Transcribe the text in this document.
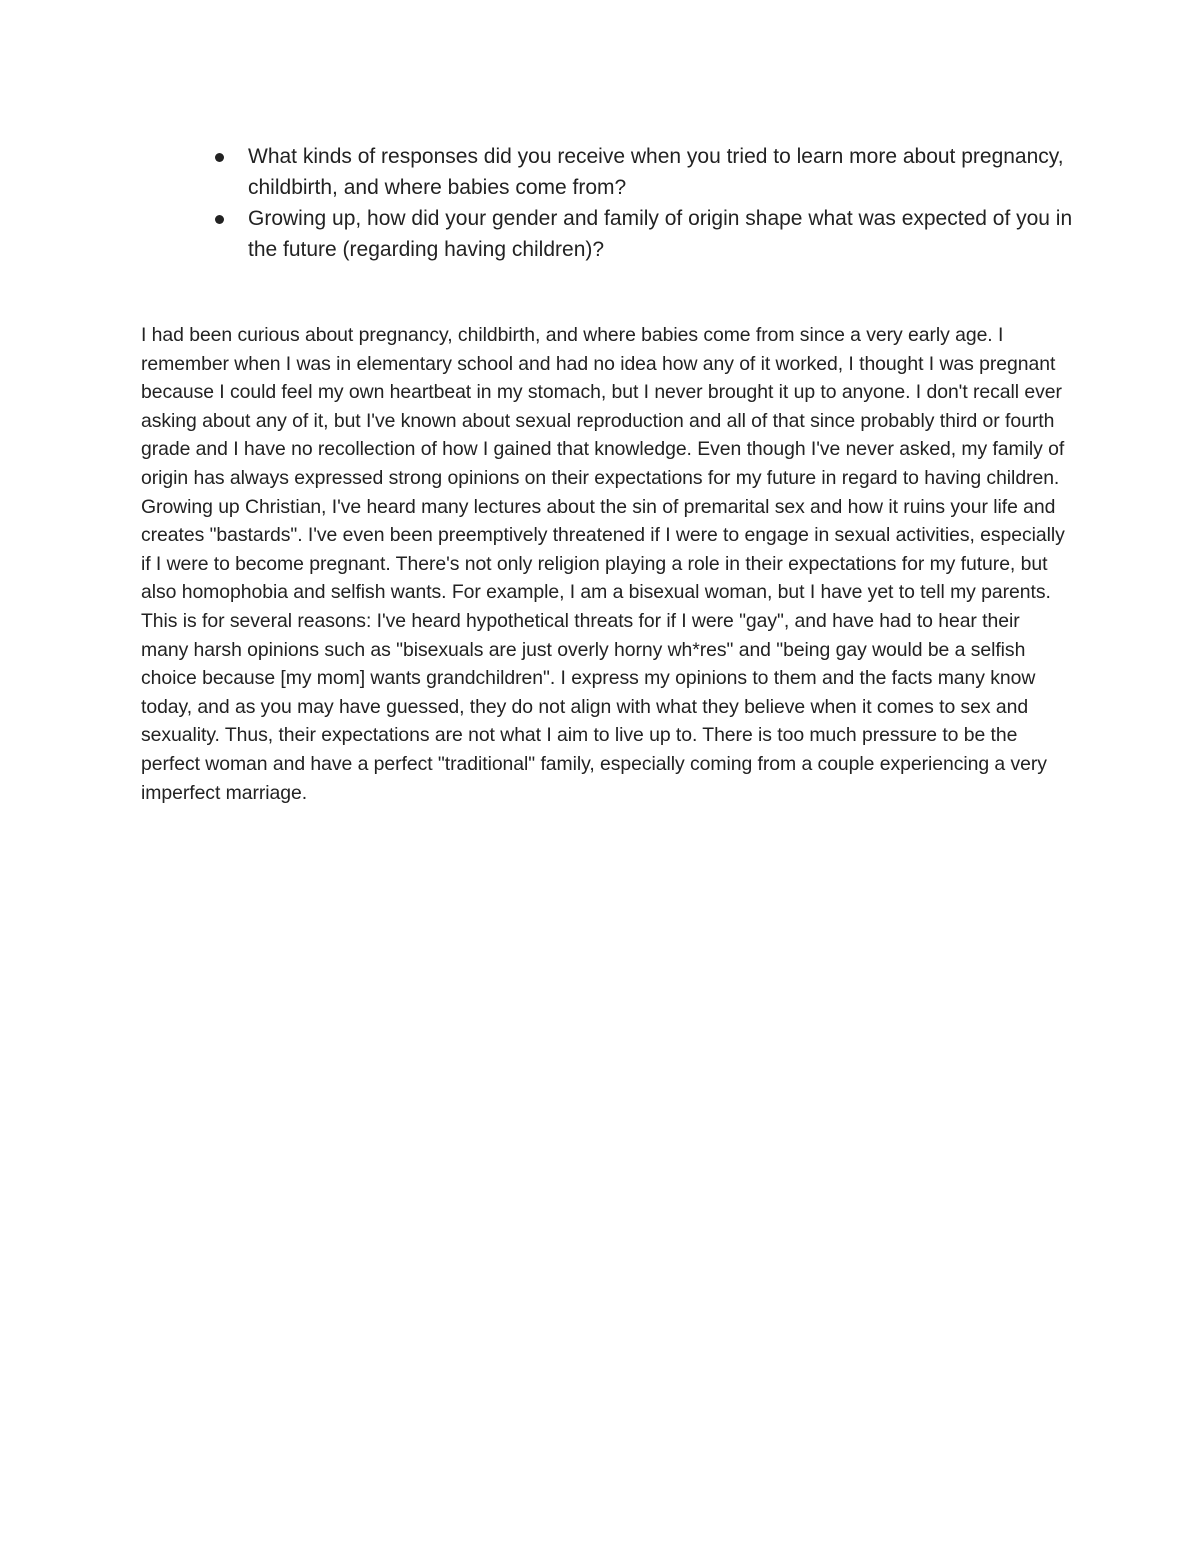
What kinds of responses did you receive when you tried to learn more about pregnancy, childbirth, and where babies come from?
Growing up, how did your gender and family of origin shape what was expected of you in the future (regarding having children)?

I had been curious about pregnancy, childbirth, and where babies come from since a very early age. I remember when I was in elementary school and had no idea how any of it worked, I thought I was pregnant because I could feel my own heartbeat in my stomach, but I never brought it up to anyone. I don't recall ever asking about any of it, but I've known about sexual reproduction and all of that since probably third or fourth grade and I have no recollection of how I gained that knowledge. Even though I've never asked, my family of origin has always expressed strong opinions on their expectations for my future in regard to having children. Growing up Christian, I've heard many lectures about the sin of premarital sex and how it ruins your life and creates "bastards". I've even been preemptively threatened if I were to engage in sexual activities, especially if I were to become pregnant. There's not only religion playing a role in their expectations for my future, but also homophobia and selfish wants. For example, I am a bisexual woman, but I have yet to tell my parents. This is for several reasons: I've heard hypothetical threats for if I were "gay", and have had to hear their many harsh opinions such as "bisexuals are just overly horny wh*res" and "being gay would be a selfish choice because [my mom] wants grandchildren". I express my opinions to them and the facts many know today, and as you may have guessed, they do not align with what they believe when it comes to sex and sexuality. Thus, their expectations are not what I aim to live up to. There is too much pressure to be the perfect woman and have a perfect "traditional" family, especially coming from a couple experiencing a very imperfect marriage.
